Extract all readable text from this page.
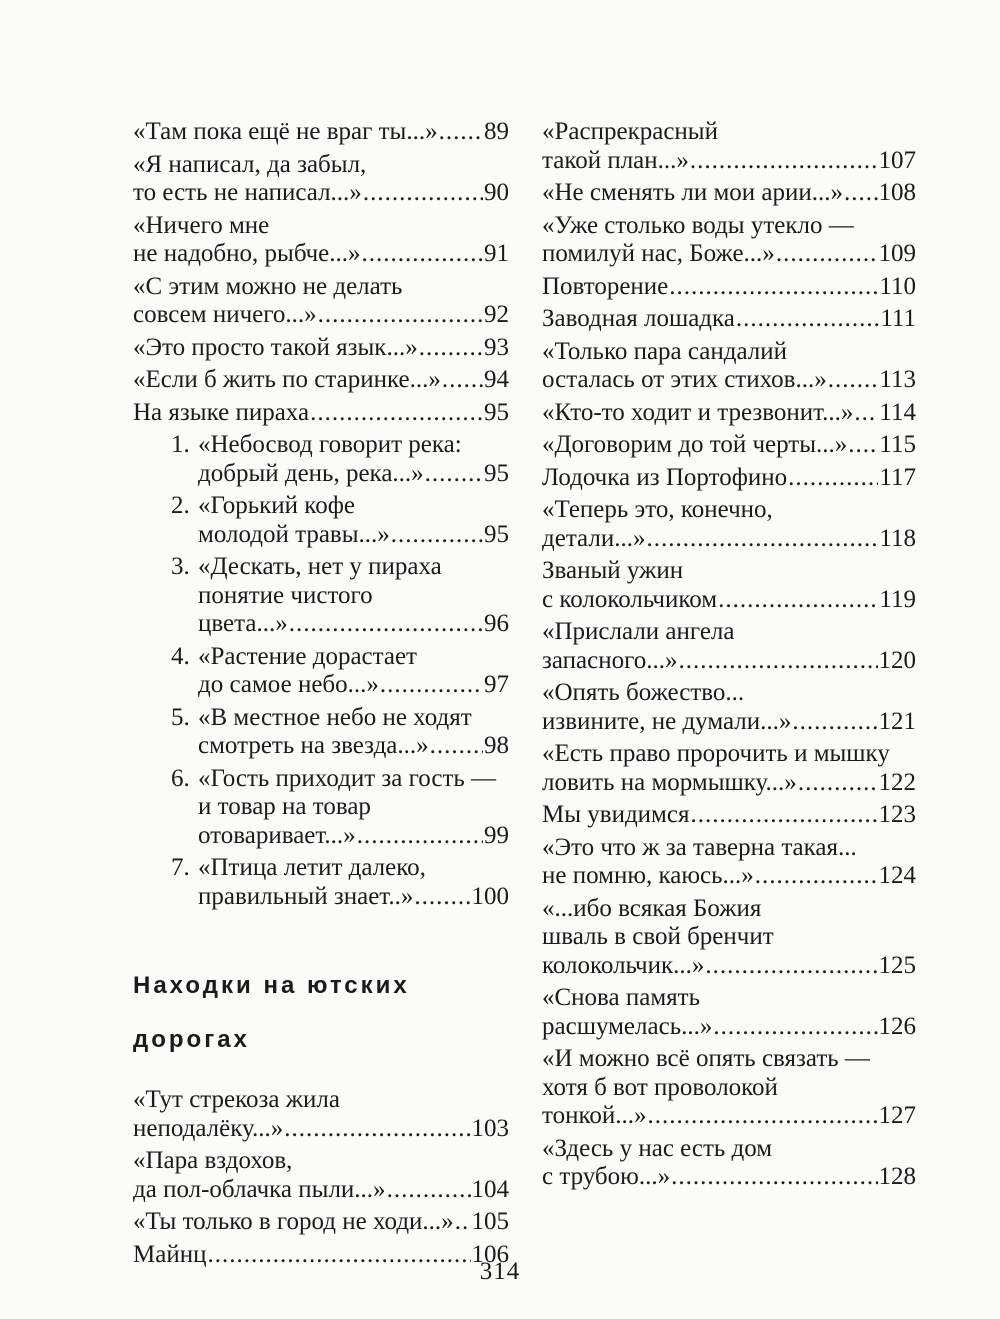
«Там пока ещё не враг ты...» ..... 89
«Я написал, да забыл,
то есть не написал...» .....	90
«Ничего мне
не надобно, рыбче...» .....	91
«С этим можно не делать
совсем ничего...» .....	92
«Это просто такой язык...» .....	93
«Если б жить по старинке...» ..... 94
На языке пираха .....	95
1. «Небосвод говорит река:
добрый день, река...» ..... 95
2. «Горький кофе
молодой травы...» .....	95
3. «Дескать, нет у пираха
понятие чистого
цвета...» .....	96
4. «Растение дорастает
до самое небо...» .....	97
5. «В местное небо не ходят
смотреть на звезда...» ..... 98
6. «Гость приходит за гость —
и товар на товар
отоваривает...» .....	99
7. «Птица летит далеко,
правильный знает..» ..... 100

Находки на ютских

дорогах

«Тут стрекоза жила
неподалёку...» .....	103
«Пара вздохов,
да пол-облачка пыли...» .....	104
«Ты только в город не ходи...» ..... 105
Майнц .....	106
«Распрекрасный
такой план...» .....	107
«Не сменять ли мои арии...» ..... 108
«Уже столько воды утекло —
помилуй нас, Боже...» .....	109
Повторение .....	110
Заводная лошадка .....	111
«Только пара сандалий
осталась от этих стихов...» ..... 113
«Кто-то ходит и трезвонит...» ..... 114
«Договорим до той черты...» ..... 115
Лодочка из Портофино .....	117
«Теперь это, конечно,
детали...» .....	118
Званый ужин
с колокольчиком .....	119
«Прислали ангела
запасного...» .....	120
«Опять божество...
извините, не думали...» .....	121
«Есть право пророчить и мышку
ловить на мормышку...» .....	122
Мы увидимся .....	123
«Это что ж за таверна такая...
не помню, каюсь...» .....	124
«...ибо всякая Божия
шваль в свой бренчит
колокольчик...» .....	125
«Снова память
расшумелась...» .....	126
«И можно всё опять связать —
хотя б вот проволокой
тонкой...» .....	127
«Здесь у нас есть дом
с трубою...» .....	128
314
